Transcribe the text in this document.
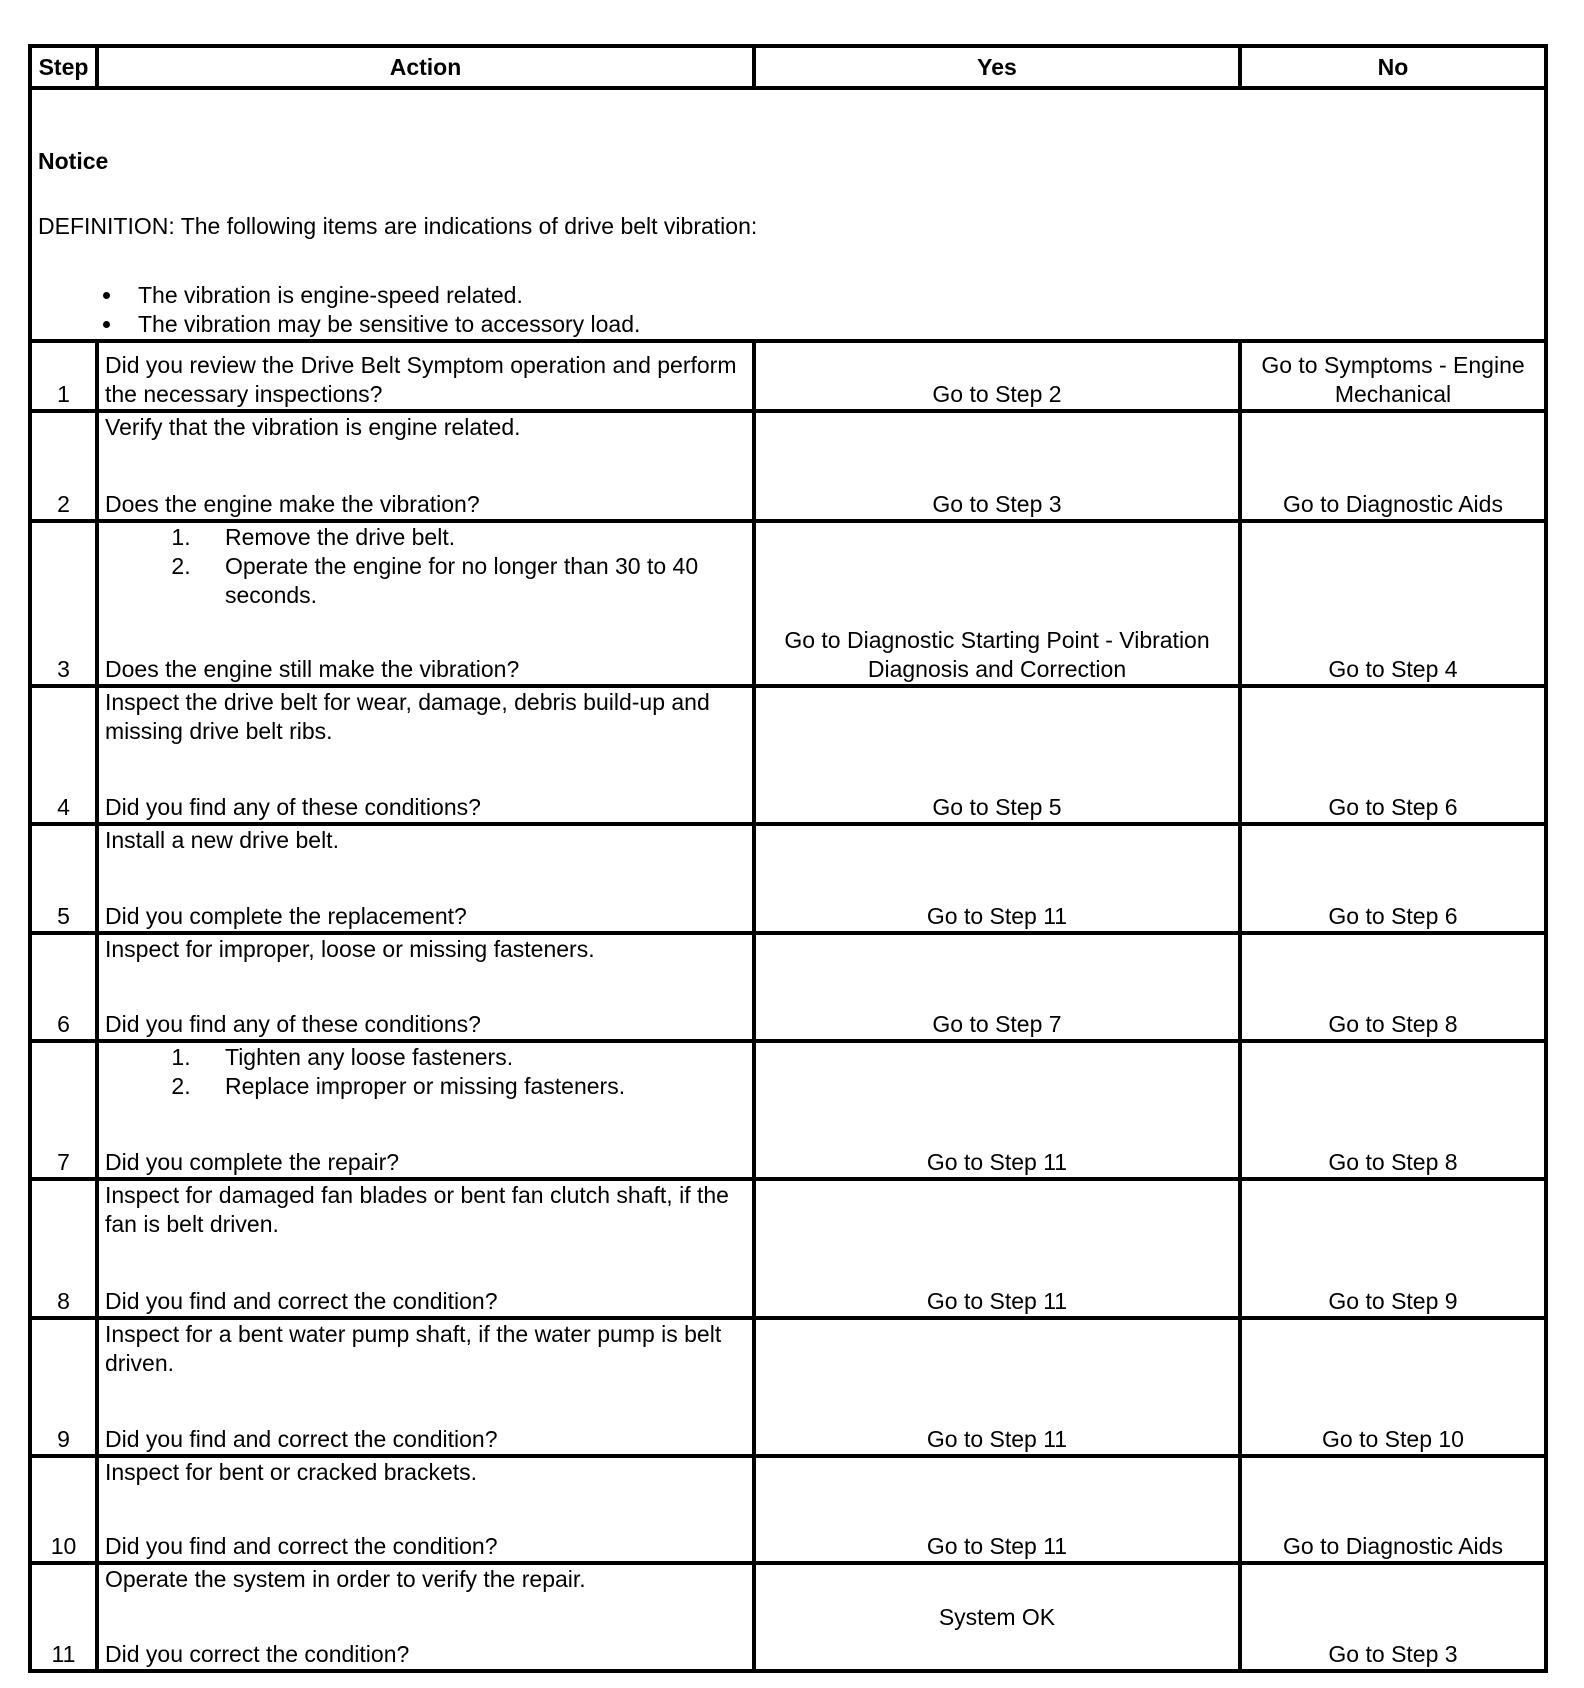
Step	Action	Yes	No

Notice
DEFINITION: The following items are indications of drive belt vibration:
• The vibration is engine-speed related.
• The vibration may be sensitive to accessory load.

1	Did you review the Drive Belt Symptom operation and perform the necessary inspections?	Go to Step 2	Go to Symptoms - Engine Mechanical
2	Verify that the vibration is engine related.
Does the engine make the vibration?	Go to Step 3	Go to Diagnostic Aids
3	
1. Remove the drive belt.
2. Operate the engine for no longer than 30 to 40 seconds.
Does the engine still make the vibration?
	Go to Diagnostic Starting Point - Vibration Diagnosis and Correction	Go to Step 4
4	Inspect the drive belt for wear, damage, debris build-up and missing drive belt ribs.
Did you find any of these conditions?	Go to Step 5	Go to Step 6
5	Install a new drive belt.
Did you complete the replacement?	Go to Step 11	Go to Step 6
6	Inspect for improper, loose or missing fasteners.
Did you find any of these conditions?	Go to Step 7	Go to Step 8
7	
1. Tighten any loose fasteners.
2. Replace improper or missing fasteners.
Did you complete the repair?	Go to Step 11	Go to Step 8
8	Inspect for damaged fan blades or bent fan clutch shaft, if the fan is belt driven.
Did you find and correct the condition?	Go to Step 11	Go to Step 9
9	Inspect for a bent water pump shaft, if the water pump is belt driven.
Did you find and correct the condition?	Go to Step 11	Go to Step 10
10	Inspect for bent or cracked brackets.
Did you find and correct the condition?	Go to Step 11	Go to Diagnostic Aids
11	Operate the system in order to verify the repair.
Did you correct the condition?	System OK	Go to Step 3
